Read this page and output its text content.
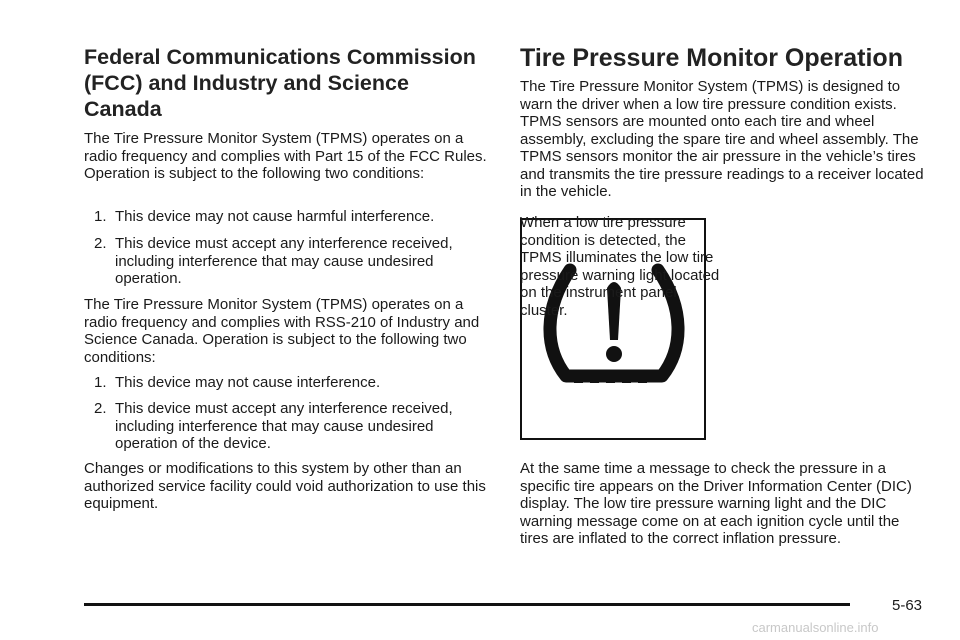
Federal Communications Commission (FCC) and Industry and Science Canada

The Tire Pressure Monitor System (TPMS) operates on a radio frequency and complies with Part 15 of the FCC Rules. Operation is subject to the following two conditions:

1. This device may not cause harmful interference.
2. This device must accept any interference received, including interference that may cause undesired operation.

The Tire Pressure Monitor System (TPMS) operates on a radio frequency and complies with RSS-210 of Industry and Science Canada. Operation is subject to the following two conditions:

1. This device may not cause interference.
2. This device must accept any interference received, including interference that may cause undesired operation of the device.

Changes or modifications to this system by other than an authorized service facility could void authorization to use this equipment.

Tire Pressure Monitor Operation

The Tire Pressure Monitor System (TPMS) is designed to warn the driver when a low tire pressure condition exists. TPMS sensors are mounted onto each tire and wheel assembly, excluding the spare tire and wheel assembly. The TPMS sensors monitor the air pressure in the vehicle’s tires and transmits the tire pressure readings to a receiver located in the vehicle.

When a low tire pressure condition is detected, the TPMS illuminates the low tire pressure warning light located on the instrument panel cluster.

At the same time a message to check the pressure in a specific tire appears on the Driver Information Center (DIC) display. The low tire pressure warning light and the DIC warning message come on at each ignition cycle until the tires are inflated to the correct inflation pressure.

5-63
carmanualsonline.info
